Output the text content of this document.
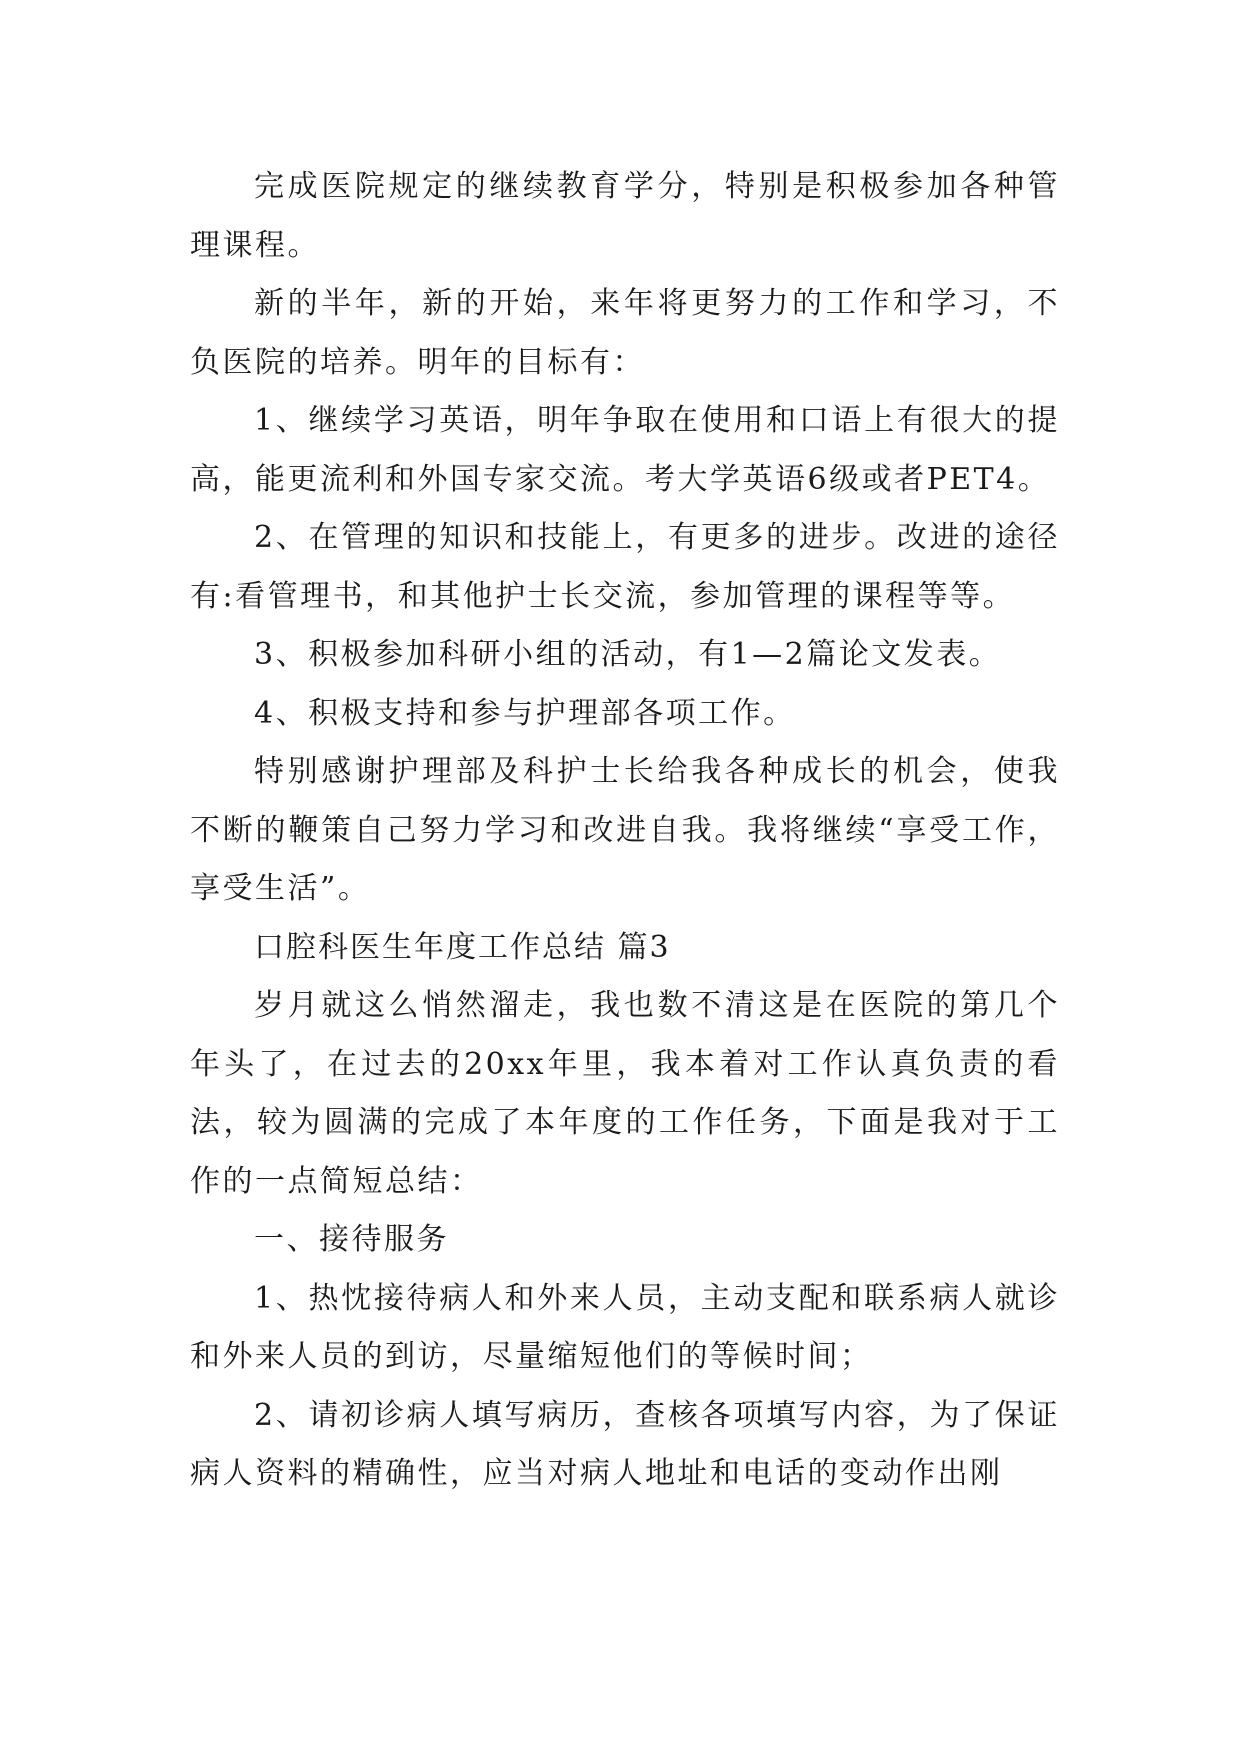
完成医院规定的继续教育学分，特别是积极参加各种管理课程。

新的半年，新的开始，来年将更努力的工作和学习，不负医院的培养。明年的目标有：

1、继续学习英语，明年争取在使用和口语上有很大的提高，能更流利和外国专家交流。考大学英语6级或者PET4。

2、在管理的知识和技能上，有更多的进步。改进的途径有:看管理书，和其他护士长交流，参加管理的课程等等。

3、积极参加科研小组的活动，有1—2篇论文发表。

4、积极支持和参与护理部各项工作。

特别感谢护理部及科护士长给我各种成长的机会，使我不断的鞭策自己努力学习和改进自我。我将继续“享受工作，享受生活”。

口腔科医生年度工作总结 篇3

岁月就这么悄然溜走，我也数不清这是在医院的第几个年头了，在过去的20xx年里，我本着对工作认真负责的看法，较为圆满的完成了本年度的工作任务，下面是我对于工作的一点简短总结：

一、接待服务

1、热忱接待病人和外来人员，主动支配和联系病人就诊和外来人员的到访，尽量缩短他们的等候时间；

2、请初诊病人填写病历，查核各项填写内容，为了保证病人资料的精确性，应当对病人地址和电话的变动作出刚
